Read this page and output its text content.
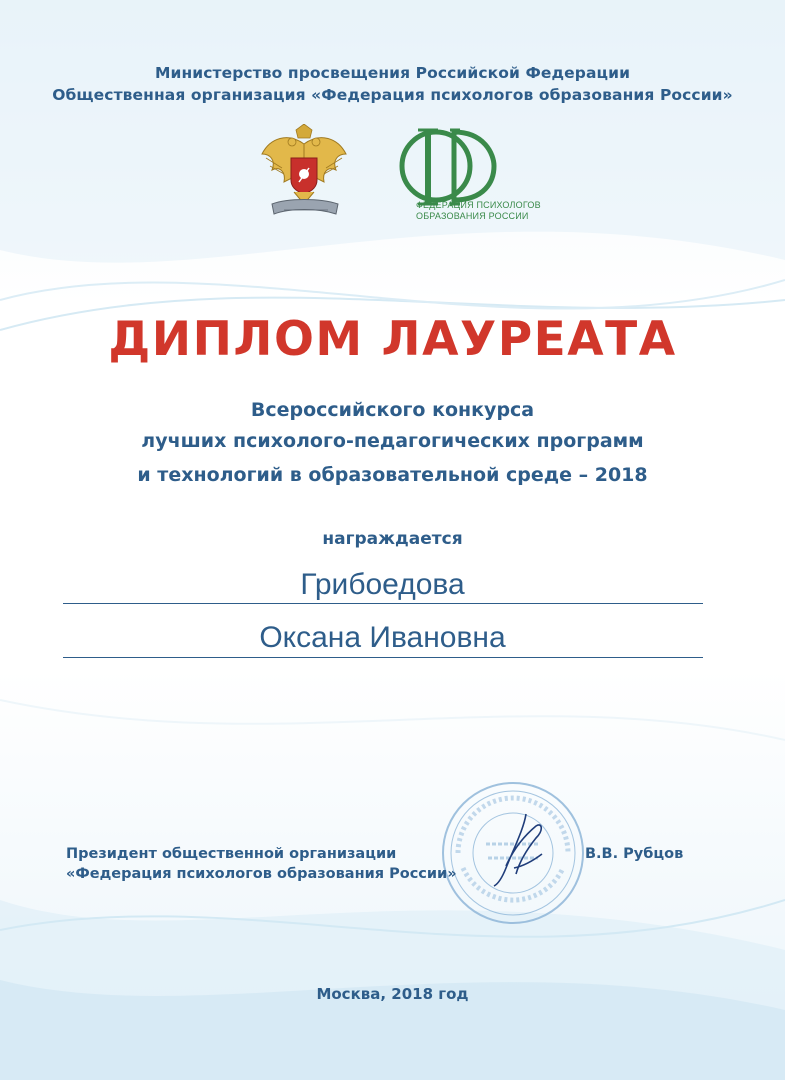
Министерство просвещения Российской Федерации
Общественная организация «Федерация психологов образования России»
ФЕДЕРАЦИЯ ПСИХОЛОГОВ
ОБРАЗОВАНИЯ РОССИИ
ДИПЛОМ ЛАУРЕАТА
Всероссийского конкурса
лучших психолого-педагогических программ
и технологий в образовательной среде – 2018
награждается
Грибоедова
Оксана Ивановна
Президент общественной организации
«Федерация психологов образования России»
В.В. Рубцов
Москва, 2018 год
